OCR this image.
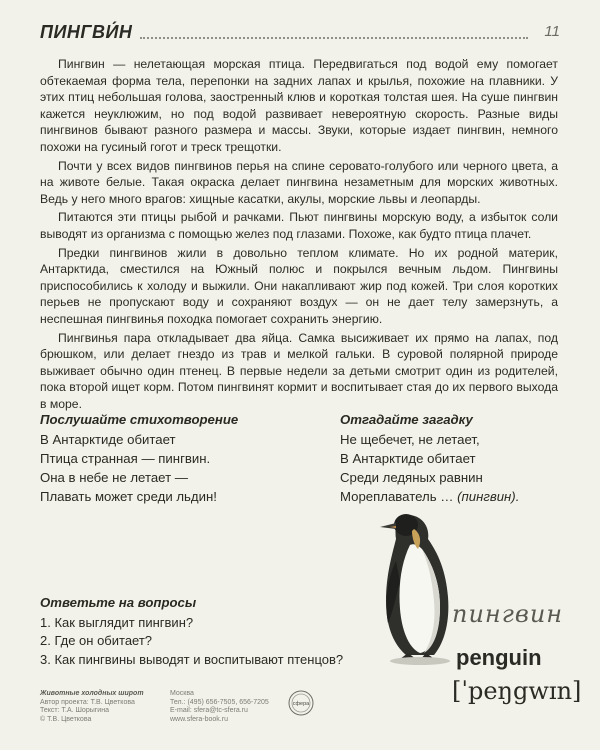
ПИНГВИ́Н	11

Пингвин — нелетающая морская птица. Передвигаться под водой ему помогает обтекаемая форма тела, перепонки на задних лапах и крылья, похожие на плавники. У этих птиц небольшая голова, заостренный клюв и короткая толстая шея. На суше пингвин кажется неуклюжим, но под водой развивает невероятную скорость. Разные виды пингвинов бывают разного размера и массы. Звуки, которые издает пингвин, немного похожи на гусиный гогот и треск трещотки.

Почти у всех видов пингвинов перья на спине серовато-голубого или черного цвета, а на животе белые. Такая окраска делает пингвина незаметным для морских животных. Ведь у него много врагов: хищные касатки, акулы, морские львы и леопарды.

Питаются эти птицы рыбой и рачками. Пьют пингвины морскую воду, а избыток соли выводят из организма с помощью желез под глазами. Похоже, как будто птица плачет.

Предки пингвинов жили в довольно теплом климате. Но их родной материк, Антарктида, сместился на Южный полюс и покрылся вечным льдом. Пингвины приспособились к холоду и выжили. Они накапливают жир под кожей. Три слоя коротких перьев не пропускают воду и сохраняют воздух — он не дает телу замерзнуть, а неспешная пингвинья походка помогает сохранить энергию.

Пингвинья пара откладывает два яйца. Самка высиживает их прямо на лапах, под брюшком, или делает гнездо из трав и мелкой гальки. В суровой полярной природе выживает обычно один птенец. В первые недели за детьми смотрит один из родителей, пока второй ищет корм. Потом пингвинят кормит и воспитывает стая до их первого выхода в море.

Послушайте стихотворение
В Антарктиде обитает
Птица странная — пингвин.
Она в небе не летает —
Плавать может среди льдин!
Отгадайте загадку
Не щебечет, не летает,
В Антарктиде обитает
Среди ледяных равнин
Мореплаватель … (пингвин).
Ответьте на вопросы
1. Как выглядит пингвин?
2. Где он обитает?
3. Как пингвины выводят и воспитывают птенцов?
пингвин
penguin
[ˈpeŋgwɪn]
Животные холодных широт
Автор проекта: Т.В. Цветкова
Текст: Т.А. Шорыгина
© Т.В. Цветкова
Москва
Тел.: (495) 656-7505, 656-7205
E-mail: sfera@tc-sfera.ru
www.sfera-book.ru
сфера
